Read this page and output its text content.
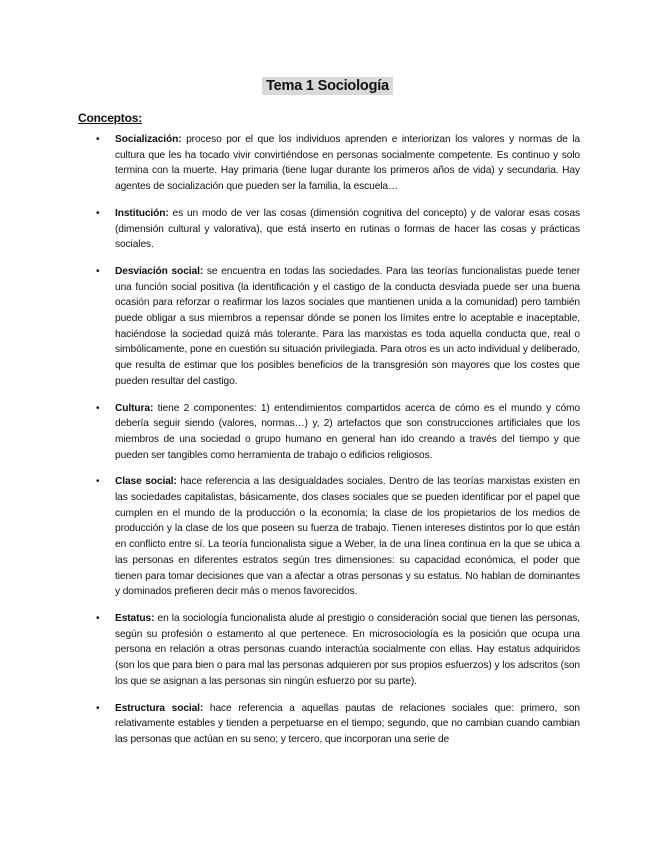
Tema 1 Sociología
Conceptos:
• Socialización: proceso por el que los individuos aprenden e interiorizan los valores y normas de la cultura que les ha tocado vivir convirtiéndose en personas socialmente competente. Es continuo y solo termina con la muerte. Hay primaria (tiene lugar durante los primeros años de vida) y secundaria. Hay agentes de socialización que pueden ser la familia, la escuela…
• Institución: es un modo de ver las cosas (dimensión cognitiva del concepto) y de valorar esas cosas (dimensión cultural y valorativa), que está inserto en rutinas o formas de hacer las cosas y prácticas sociales.
• Desviación social: se encuentra en todas las sociedades. Para las teorías funcionalistas puede tener una función social positiva (la identificación y el castigo de la conducta desviada puede ser una buena ocasión para reforzar o reafirmar los lazos sociales que mantienen unida a la comunidad) pero también puede obligar a sus miembros a repensar dónde se ponen los límites entre lo aceptable e inaceptable, haciéndose la sociedad quizá más tolerante. Para las marxistas es toda aquella conducta que, real o simbólicamente, pone en cuestión su situación privilegiada. Para otros es un acto individual y deliberado, que resulta de estimar que los posibles beneficios de la transgresión son mayores que los costes que pueden resultar del castigo.
• Cultura: tiene 2 componentes: 1) entendimientos compartidos acerca de cómo es el mundo y cómo debería seguir siendo (valores, normas…) y, 2) artefactos que son construcciones artificiales que los miembros de una sociedad o grupo humano en general han ido creando a través del tiempo y que pueden ser tangibles como herramienta de trabajo o edificios religiosos.
• Clase social: hace referencia a las desigualdades sociales. Dentro de las teorías marxistas existen en las sociedades capitalistas, básicamente, dos clases sociales que se pueden identificar por el papel que cumplen en el mundo de la producción o la economía; la clase de los propietarios de los medios de producción y la clase de los que poseen su fuerza de trabajo. Tienen intereses distintos por lo que están en conflicto entre sí. La teoría funcionalista sigue a Weber, la de una línea continua en la que se ubica a las personas en diferentes estratos según tres dimensiones: su capacidad económica, el poder que tienen para tomar decisiones que van a afectar a otras personas y su estatus. No hablan de dominantes y dominados prefieren decir más o menos favorecidos.
• Estatus: en la sociología funcionalista alude al prestigio o consideración social que tienen las personas, según su profesión o estamento al que pertenece. En microsociología es la posición que ocupa una persona en relación a otras personas cuando interactúa socialmente con ellas. Hay estatus adquiridos (son los que para bien o para mal las personas adquieren por sus propios esfuerzos) y los adscritos (son los que se asignan a las personas sin ningún esfuerzo por su parte).
• Estructura social: hace referencia a aquellas pautas de relaciones sociales que: primero, son relativamente estables y tienden a perpetuarse en el tiempo; segundo, que no cambian cuando cambian las personas que actúan en su seno; y tercero, que incorporan una serie de
